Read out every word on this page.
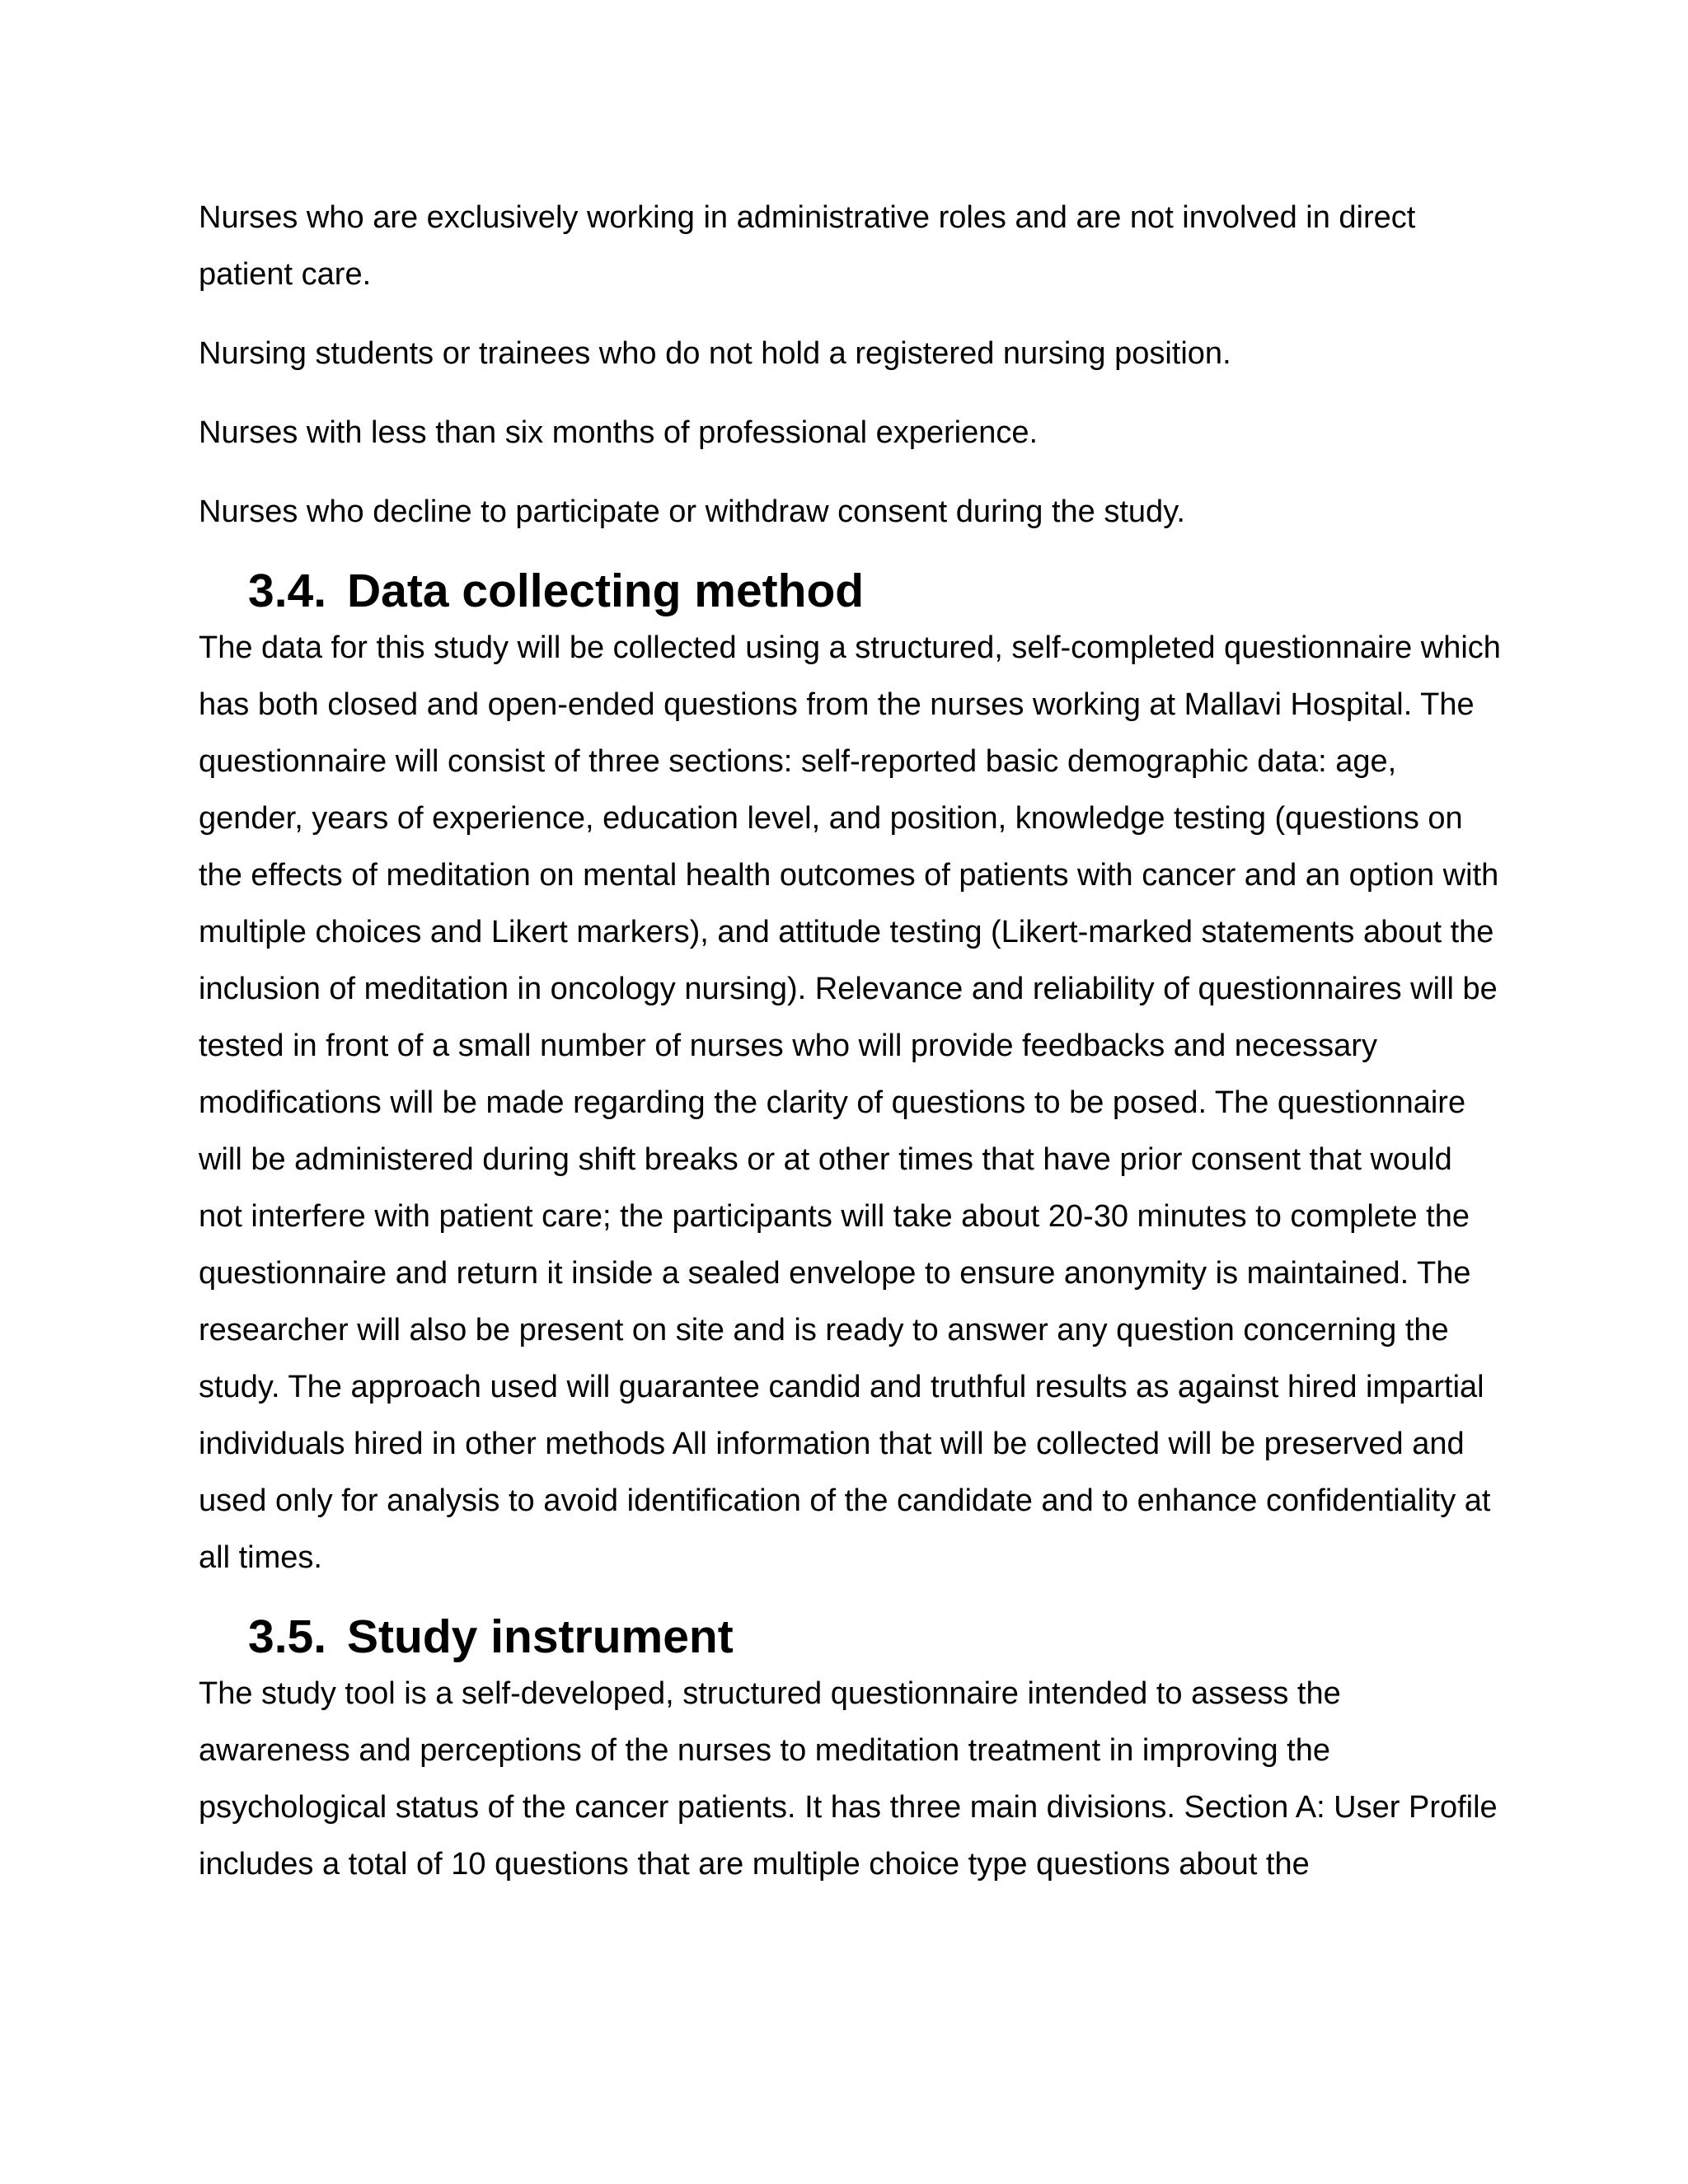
Nurses who are exclusively working in administrative roles and are not involved in direct patient care.

Nursing students or trainees who do not hold a registered nursing position.

Nurses with less than six months of professional experience.

Nurses who decline to participate or withdraw consent during the study.

3.4. Data collecting method

The data for this study will be collected using a structured, self-completed questionnaire which has both closed and open-ended questions from the nurses working at Mallavi Hospital. The questionnaire will consist of three sections: self-reported basic demographic data: age, gender, years of experience, education level, and position, knowledge testing (questions on the effects of meditation on mental health outcomes of patients with cancer and an option with multiple choices and Likert markers), and attitude testing (Likert-marked statements about the inclusion of meditation in oncology nursing). Relevance and reliability of questionnaires will be tested in front of a small number of nurses who will provide feedbacks and necessary modifications will be made regarding the clarity of questions to be posed. The questionnaire will be administered during shift breaks or at other times that have prior consent that would not interfere with patient care; the participants will take about 20-30 minutes to complete the questionnaire and return it inside a sealed envelope to ensure anonymity is maintained. The researcher will also be present on site and is ready to answer any question concerning the study. The approach used will guarantee candid and truthful results as against hired impartial individuals hired in other methods All information that will be collected will be preserved and used only for analysis to avoid identification of the candidate and to enhance confidentiality at all times.

3.5. Study instrument

The study tool is a self-developed, structured questionnaire intended to assess the awareness and perceptions of the nurses to meditation treatment in improving the psychological status of the cancer patients. It has three main divisions. Section A: User Profile includes a total of 10 questions that are multiple choice type questions about the
